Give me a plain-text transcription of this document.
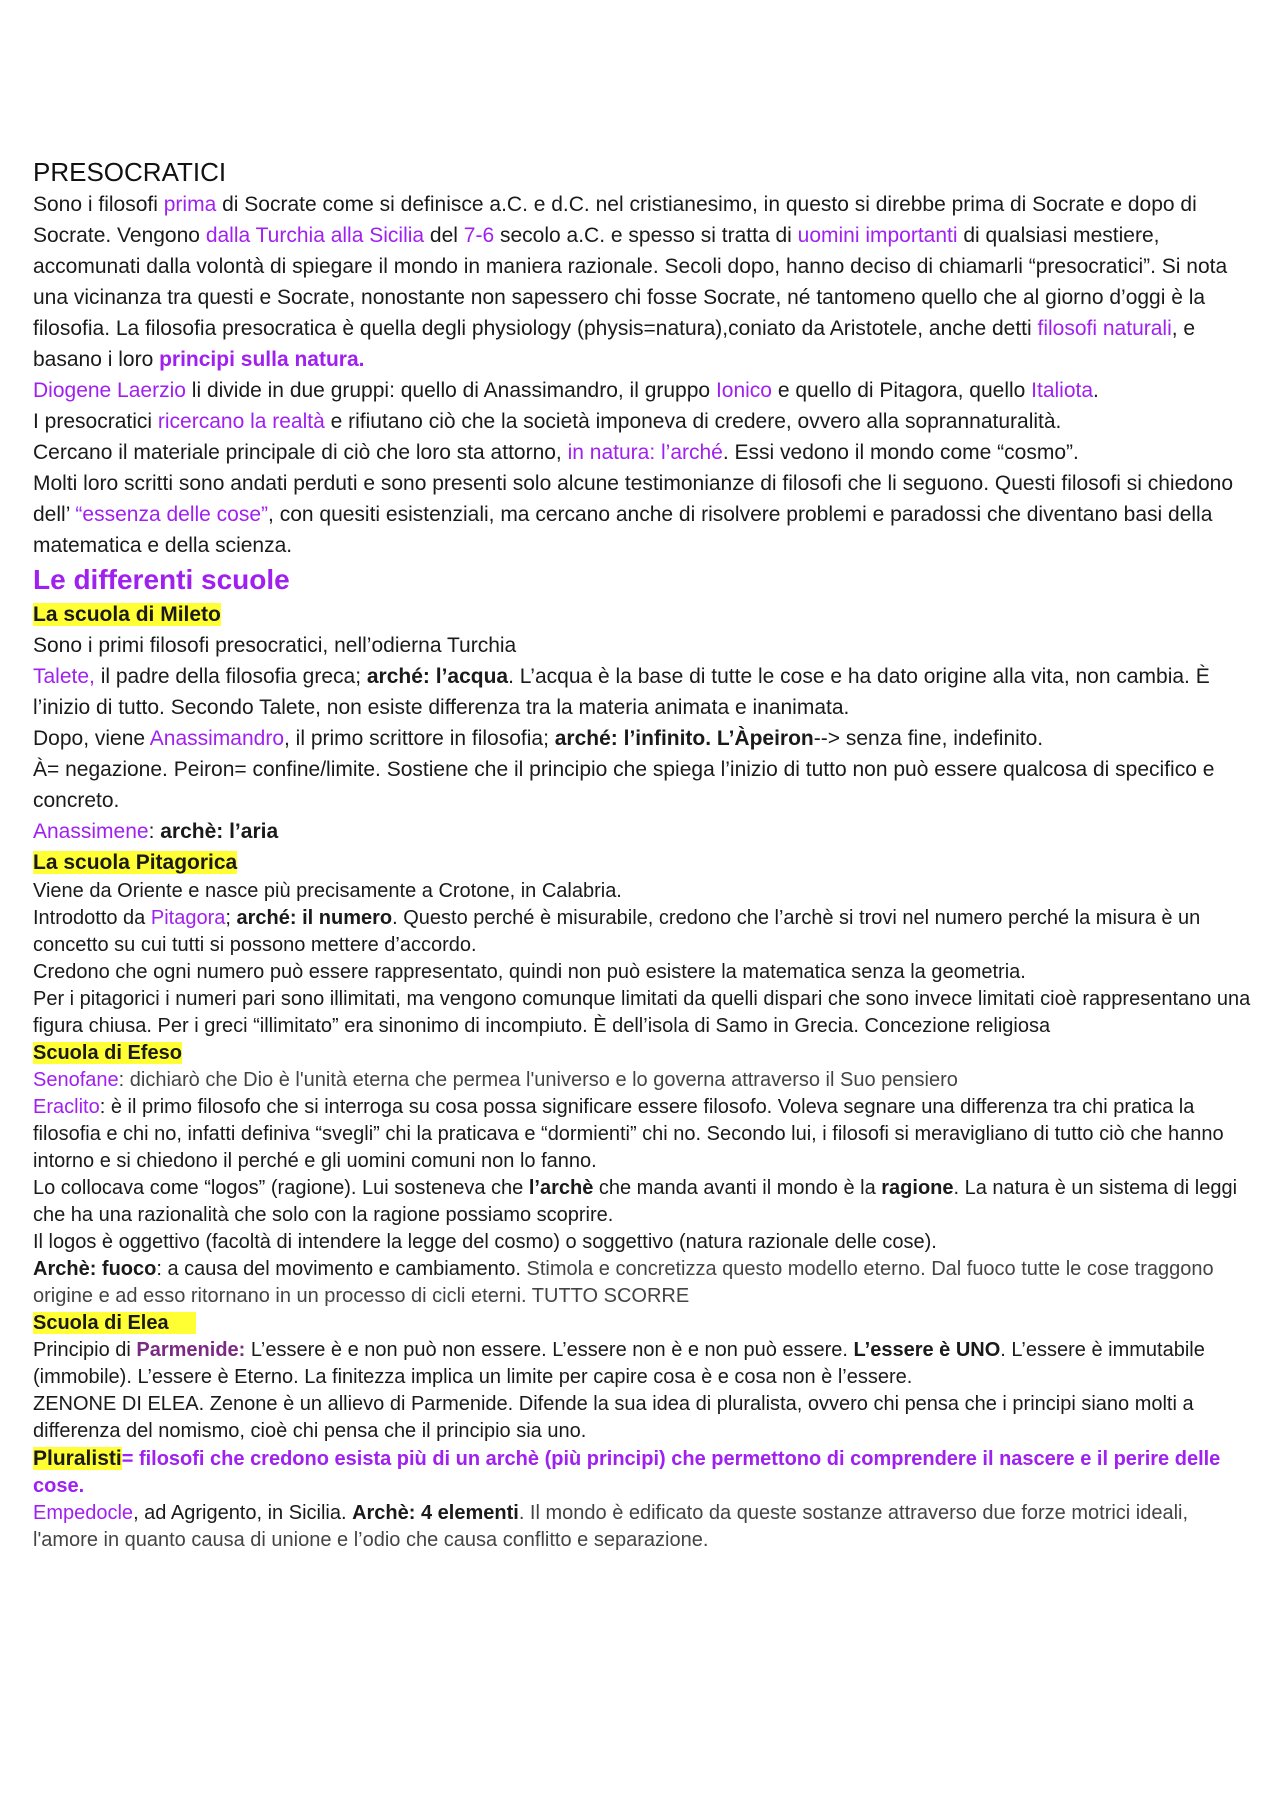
PRESOCRATICI

Sono i filosofi prima di Socrate come si definisce a.C. e d.C. nel cristianesimo, in questo si direbbe prima di Socrate e dopo di Socrate. Vengono dalla Turchia alla Sicilia del 7-6 secolo a.C. e spesso si tratta di uomini importanti di qualsiasi mestiere, accomunati dalla volontà di spiegare il mondo in maniera razionale. Secoli dopo, hanno deciso di chiamarli “presocratici”. Si nota una vicinanza tra questi e Socrate, nonostante non sapessero chi fosse Socrate, né tantomeno quello che al giorno d’oggi è la filosofia. La filosofia presocratica è quella degli physiology (physis=natura),coniato da Aristotele, anche detti filosofi naturali, e basano i loro principi sulla natura.

Diogene Laerzio li divide in due gruppi: quello di Anassimandro, il gruppo Ionico e quello di Pitagora, quello Italiota.

I presocratici ricercano la realtà e rifiutano ciò che la società imponeva di credere, ovvero alla soprannaturalità.

Cercano il materiale principale di ciò che loro sta attorno, in natura: l’arché. Essi vedono il mondo come “cosmo”.

Molti loro scritti sono andati perduti e sono presenti solo alcune testimonianze di filosofi che li seguono. Questi filosofi si chiedono dell’ “essenza delle cose”, con quesiti esistenziali, ma cercano anche di risolvere problemi e paradossi che diventano basi della matematica e della scienza.

Le differenti scuole

La scuola di Mileto

Sono i primi filosofi presocratici, nell’odierna Turchia

Talete, il padre della filosofia greca; arché: l’acqua. L’acqua è la base di tutte le cose e ha dato origine alla vita, non cambia. È l’inizio di tutto. Secondo Talete, non esiste differenza tra la materia animata e inanimata.

Dopo, viene Anassimandro, il primo scrittore in filosofia; arché: l’infinito. L’Àpeiron--> senza fine, indefinito.

À= negazione. Peiron= confine/limite. Sostiene che il principio che spiega l’inizio di tutto non può essere qualcosa di specifico e concreto.

Anassimene: archè: l’aria

La scuola Pitagorica

Viene da Oriente e nasce più precisamente a Crotone, in Calabria.

Introdotto da Pitagora; arché: il numero. Questo perché è misurabile, credono che l’archè si trovi nel numero perché la misura è un concetto su cui tutti si possono mettere d’accordo.

Credono che ogni numero può essere rappresentato, quindi non può esistere la matematica senza la geometria.

Per i pitagorici i numeri pari sono illimitati, ma vengono comunque limitati da quelli dispari che sono invece limitati cioè rappresentano una figura chiusa. Per i greci “illimitato” era sinonimo di incompiuto. È dell’isola di Samo in Grecia. Concezione religiosa

Scuola di Efeso

Senofane: dichiarò che Dio è l'unità eterna che permea l'universo e lo governa attraverso il Suo pensiero

Eraclito: è il primo filosofo che si interroga su cosa possa significare essere filosofo. Voleva segnare una differenza tra chi pratica la filosofia e chi no, infatti definiva “svegli” chi la praticava e “dormienti” chi no. Secondo lui, i filosofi si meravigliano di tutto ciò che hanno intorno e si chiedono il perché e gli uomini comuni non lo fanno.

Lo collocava come “logos” (ragione). Lui sosteneva che l’archè che manda avanti il mondo è la ragione. La natura è un sistema di leggi che ha una razionalità che solo con la ragione possiamo scoprire.

Il logos è oggettivo (facoltà di intendere la legge del cosmo) o soggettivo (natura razionale delle cose).

Archè: fuoco: a causa del movimento e cambiamento. Stimola e concretizza questo modello eterno. Dal fuoco tutte le cose traggono origine e ad esso ritornano in un processo di cicli eterni. TUTTO SCORRE

Scuola di Elea

Principio di Parmenide: L’essere è e non può non essere. L’essere non è e non può essere. L’essere è UNO. L’essere è immutabile (immobile). L’essere è Eterno. La finitezza implica un limite per capire cosa è e cosa non è l’essere.

ZENONE DI ELEA. Zenone è un allievo di Parmenide. Difende la sua idea di pluralista, ovvero chi pensa che i principi siano molti a differenza del nomismo, cioè chi pensa che il principio sia uno.

Pluralisti= filosofi che credono esista più di un archè (più principi) che permettono di comprendere il nascere e il perire delle cose.

Empedocle, ad Agrigento, in Sicilia. Archè: 4 elementi. Il mondo è edificato da queste sostanze attraverso due forze motrici ideali, l'amore in quanto causa di unione e l’odio che causa conflitto e separazione.
